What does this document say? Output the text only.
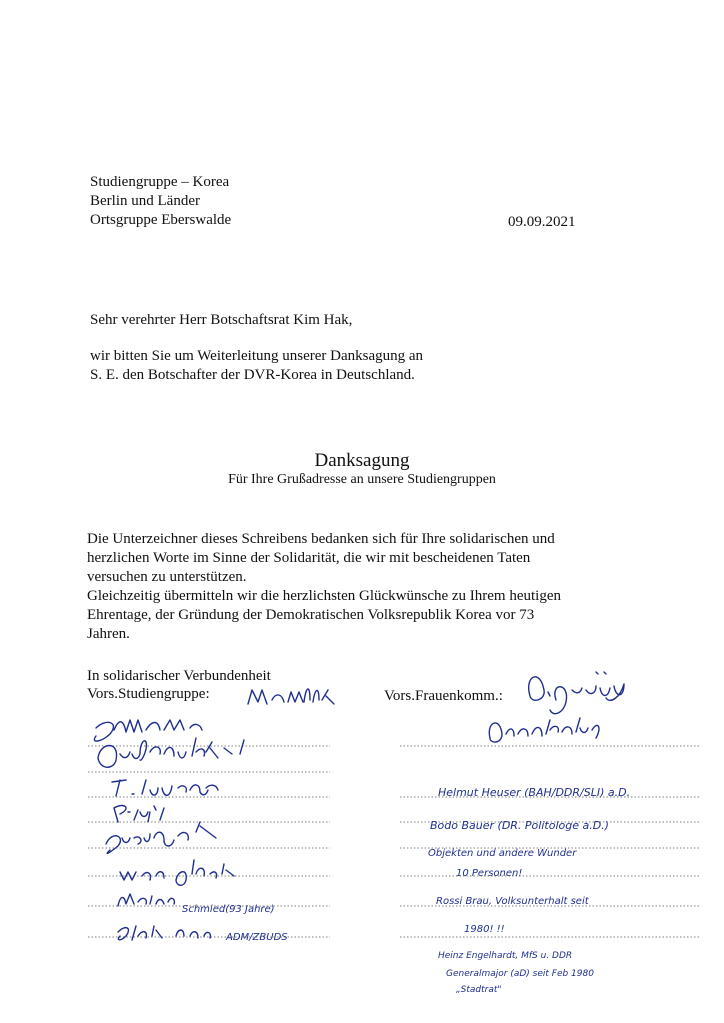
Studiengruppe – Korea
Berlin und Länder
Ortsgruppe Eberswalde	09.09.2021
Sehr verehrter Herr Botschaftsrat Kim Hak,
wir bitten Sie um Weiterleitung unserer Danksagung an
S. E. den Botschafter der DVR-Korea in Deutschland.
Danksagung
Für Ihre Grußadresse an unsere Studiengruppen
Die Unterzeichner dieses Schreibens bedanken sich für Ihre solidarischen und
herzlichen Worte im Sinne der Solidarität, die wir mit bescheidenen Taten
versuchen zu unterstützen.
Gleichzeitig übermitteln wir die herzlichsten Glückwünsche zu Ihrem heutigen
Ehrentage, der Gründung der Demokratischen Volksrepublik Korea vor 73
Jahren.
In solidarischer Verbundenheit
Vors.Studiengruppe:	Vors.Frauenkomm.:
Schmied(93 Jahre)
ADM/ZBUDS
Helmut Heuser (BAH/DDR/SLI) a.D.
Bodo Bauer (DR. Politologe a.D.)
Objekten und andere Wunder
10 Personen!
Rossi Brau, Volksunterhalt seit
1980! !!
Heinz Engelhardt, MfS u. DDR
Generalmajor (aD) seit Feb 1980
„Stadtrat"
